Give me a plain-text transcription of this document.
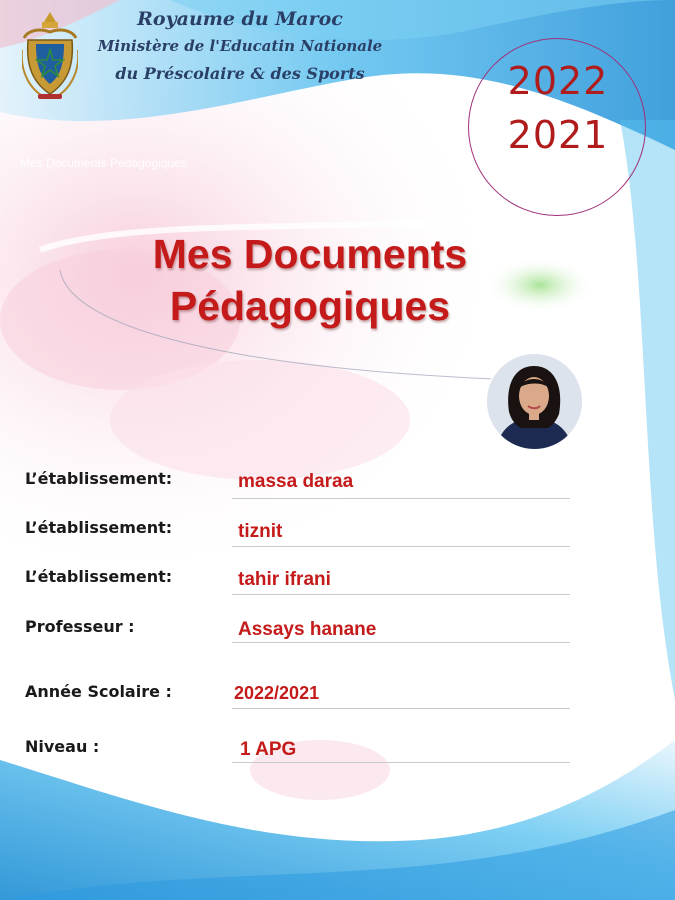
Royaume du Maroc
Ministère de l'Educatin Nationale
du Préscolaire & des Sports
Mes Documents Pédagogiques
2022
2021
Mes Documents
Pédagogiques
L’établissement:	massa daraa
L’établissement:	tiznit
L’établissement:	tahir ifrani
Professeur :	Assays hanane
Année Scolaire :	2022/2021
Niveau :	1 APG
